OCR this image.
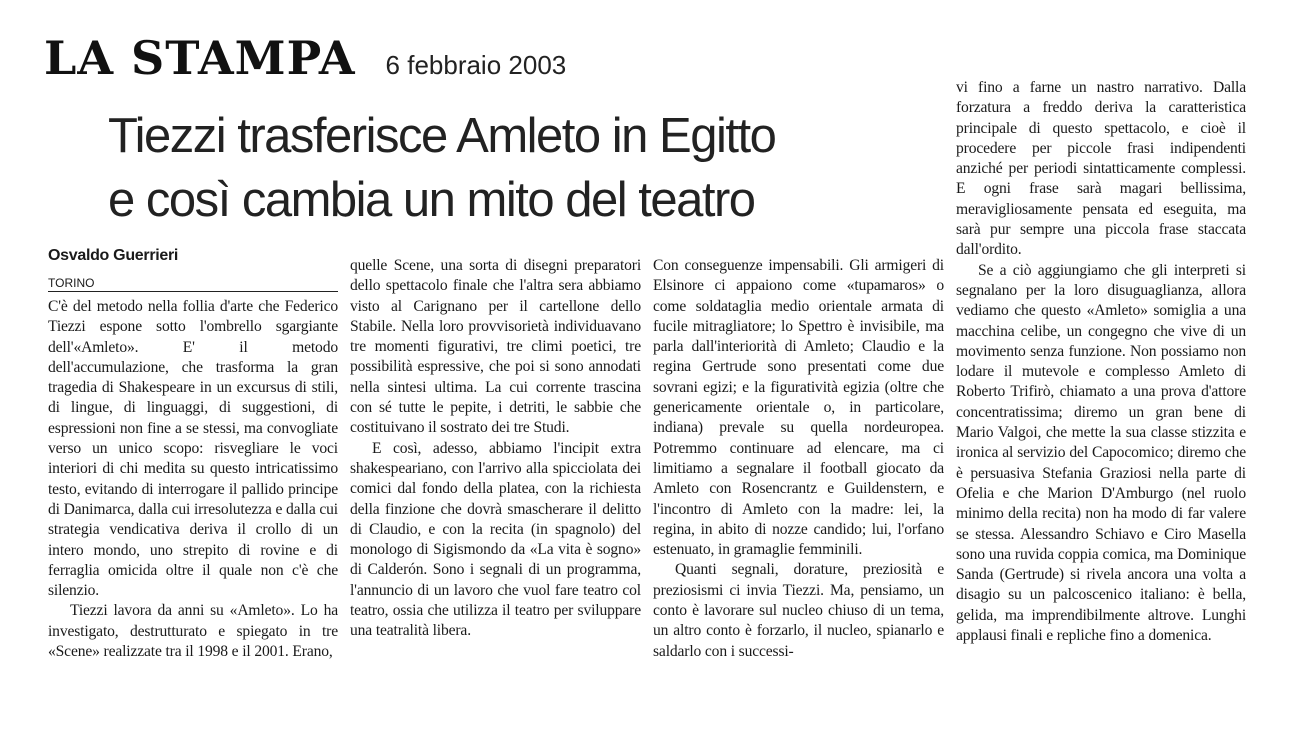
LA STAMPA 6 febbraio 2003
Tiezzi trasferisce Amleto in Egitto
e così cambia un mito del teatro
Osvaldo Guerrieri
TORINO

C'è del metodo nella follia d'arte che Federico Tiezzi espone sotto l'ombrello sgargiante dell'«Amleto». E' il metodo dell'accumulazione, che trasforma la gran tragedia di Shakespeare in un excursus di stili, di lingue, di linguaggi, di suggestioni, di espressioni non fine a se stessi, ma convogliate verso un unico scopo: risvegliare le voci interiori di chi medita su questo intricatissimo testo, evitando di interrogare il pallido principe di Danimarca, dalla cui irresolutezza e dalla cui strategia vendicativa deriva il crollo di un intero mondo, uno strepito di rovine e di ferraglia omicida oltre il quale non c'è che silenzio.

Tiezzi lavora da anni su «Amleto». Lo ha investigato, destrutturato e spiegato in tre «Scene» realizzate tra il 1998 e il 2001. Erano,

quelle Scene, una sorta di disegni preparatori dello spettacolo finale che l'altra sera abbiamo visto al Carignano per il cartellone dello Stabile. Nella loro provvisorietà individuavano tre momenti figurativi, tre climi poetici, tre possibilità espressive, che poi si sono annodati nella sintesi ultima. La cui corrente trascina con sé tutte le pepite, i detriti, le sabbie che costituivano il sostrato dei tre Studi.

E così, adesso, abbiamo l'incipit extra shakespeariano, con l'arrivo alla spicciolata dei comici dal fondo della platea, con la richiesta della finzione che dovrà smascherare il delitto di Claudio, e con la recita (in spagnolo) del monologo di Sigismondo da «La vita è sogno» di Calderón. Sono i segnali di un programma, l'annuncio di un lavoro che vuol fare teatro col teatro, ossia che utilizza il teatro per sviluppare una teatralità libera.

Con conseguenze impensabili. Gli armigeri di Elsinore ci appaiono come «tupamaros» o come soldataglia medio orientale armata di fucile mitragliatore; lo Spettro è invisibile, ma parla dall'interiorità di Amleto; Claudio e la regina Gertrude sono presentati come due sovrani egizi; e la figuratività egizia (oltre che genericamente orientale o, in particolare, indiana) prevale su quella nordeuropea. Potremmo continuare ad elencare, ma ci limitiamo a segnalare il football giocato da Amleto con Rosencrantz e Guildenstern, e l'incontro di Amleto con la madre: lei, la regina, in abito di nozze candido; lui, l'orfano estenuato, in gramaglie femminili.

Quanti segnali, dorature, preziosità e preziosismi ci invia Tiezzi. Ma, pensiamo, un conto è lavorare sul nucleo chiuso di un tema, un altro conto è forzarlo, il nucleo, spianarlo e saldarlo con i successi-

vi fino a farne un nastro narrativo. Dalla forzatura a freddo deriva la caratteristica principale di questo spettacolo, e cioè il procedere per piccole frasi indipendenti anziché per periodi sintatticamente complessi. E ogni frase sarà magari bellissima, meravigliosamente pensata ed eseguita, ma sarà pur sempre una piccola frase staccata dall'ordito.

Se a ciò aggiungiamo che gli interpreti si segnalano per la loro disuguaglianza, allora vediamo che questo «Amleto» somiglia a una macchina celibe, un congegno che vive di un movimento senza funzione. Non possiamo non lodare il mutevole e complesso Amleto di Roberto Trifirò, chiamato a una prova d'attore concentratissima; diremo un gran bene di Mario Valgoi, che mette la sua classe stizzita e ironica al servizio del Capocomico; diremo che è persuasiva Stefania Graziosi nella parte di Ofelia e che Marion D'Amburgo (nel ruolo minimo della recita) non ha modo di far valere se stessa. Alessandro Schiavo e Ciro Masella sono una ruvida coppia comica, ma Dominique Sanda (Gertrude) si rivela ancora una volta a disagio su un palcoscenico italiano: è bella, gelida, ma imprendibilmente altrove. Lunghi applausi finali e repliche fino a domenica.
